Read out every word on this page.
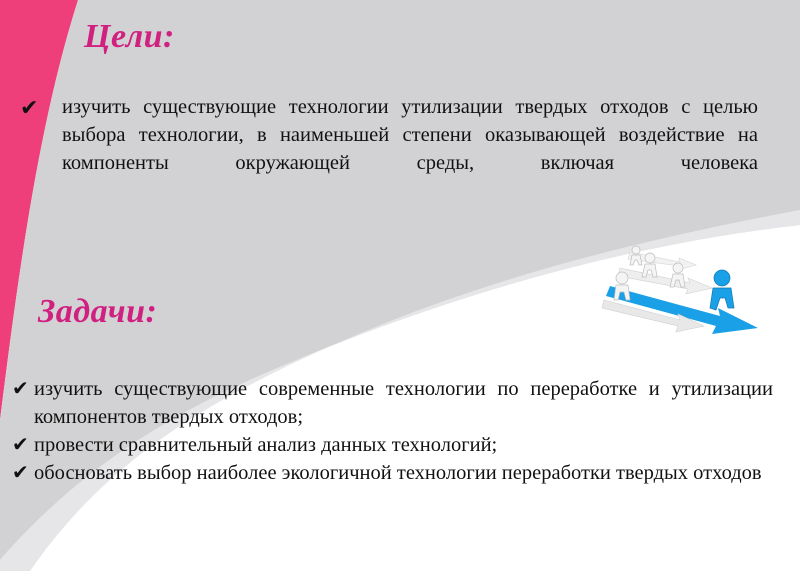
Цели:
✔ изучить существующие технологии утилизации твердых отходов с целью выбора технологии, в наименьшей степени оказывающей воздействие на компоненты окружающей среды, включая человека
Задачи:
✔ изучить существующие современные технологии по переработке и утилизации компонентов твердых отходов;
✔ провести сравнительный анализ данных технологий;
✔ обосновать выбор наиболее экологичной технологии переработки твердых отходов
